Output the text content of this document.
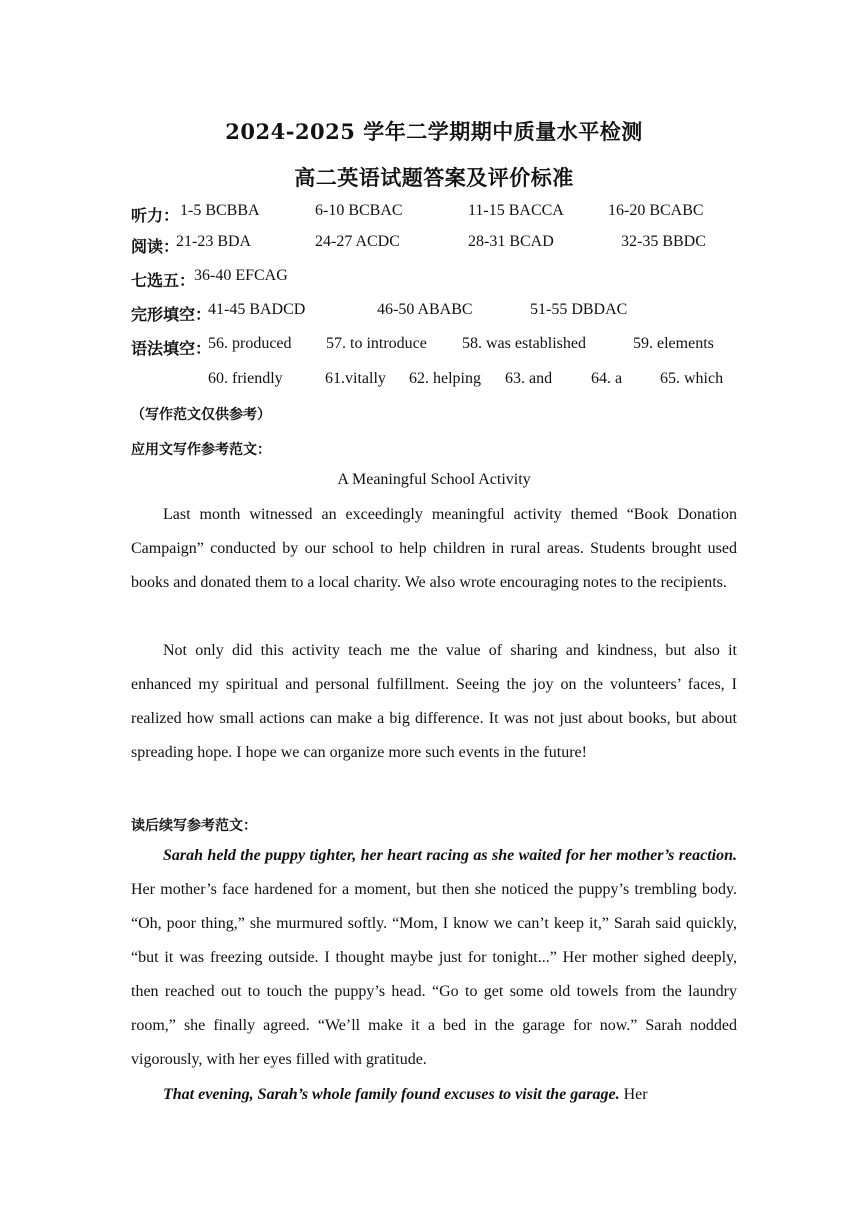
2024-2025 学年二学期期中质量水平检测
高二英语试题答案及评价标准
听力： 1-5 BCBBA	6-10 BCBAC	11-15 BACCA	16-20 BCABC
阅读：
21-23 BDA	24-27 ACDC	28-31 BCAD	32-35 BBDC
七选五：
36-40 EFCAG
完形填空：
41-45 BADCD	46-50 ABABC	51-55 DBDAC
语法填空：
56. produced 57. to introduce 58. was established	59. elements
60. friendly	61.vitally 62. helping 63. and 64. a 65. which
（写作范文仅供参考）
应用文写作参考范文：
A Meaningful School Activity

Last month witnessed an exceedingly meaningful activity themed “Book Donation Campaign” conducted by our school to help children in rural areas. Students brought used books and donated them to a local charity. We also wrote encouraging notes to the recipients.

Not only did this activity teach me the value of sharing and kindness, but also it enhanced my spiritual and personal fulfillment. Seeing the joy on the volunteers’ faces, I realized how small actions can make a big difference. It was not just about books, but about spreading hope. I hope we can organize more such events in the future!

读后续写参考范文：

Sarah held the puppy tighter, her heart racing as she waited for her mother’s reaction. Her mother’s face hardened for a moment, but then she noticed the puppy’s trembling body. “Oh, poor thing,” she murmured softly. “Mom, I know we can’t keep it,” Sarah said quickly, “but it was freezing outside. I thought maybe just for tonight...” Her mother sighed deeply, then reached out to touch the puppy’s head. “Go to get some old towels from the laundry room,” she finally agreed. “We’ll make it a bed in the garage for now.” Sarah nodded vigorously, with her eyes filled with gratitude.

That evening, Sarah’s whole family found excuses to visit the garage. Her
